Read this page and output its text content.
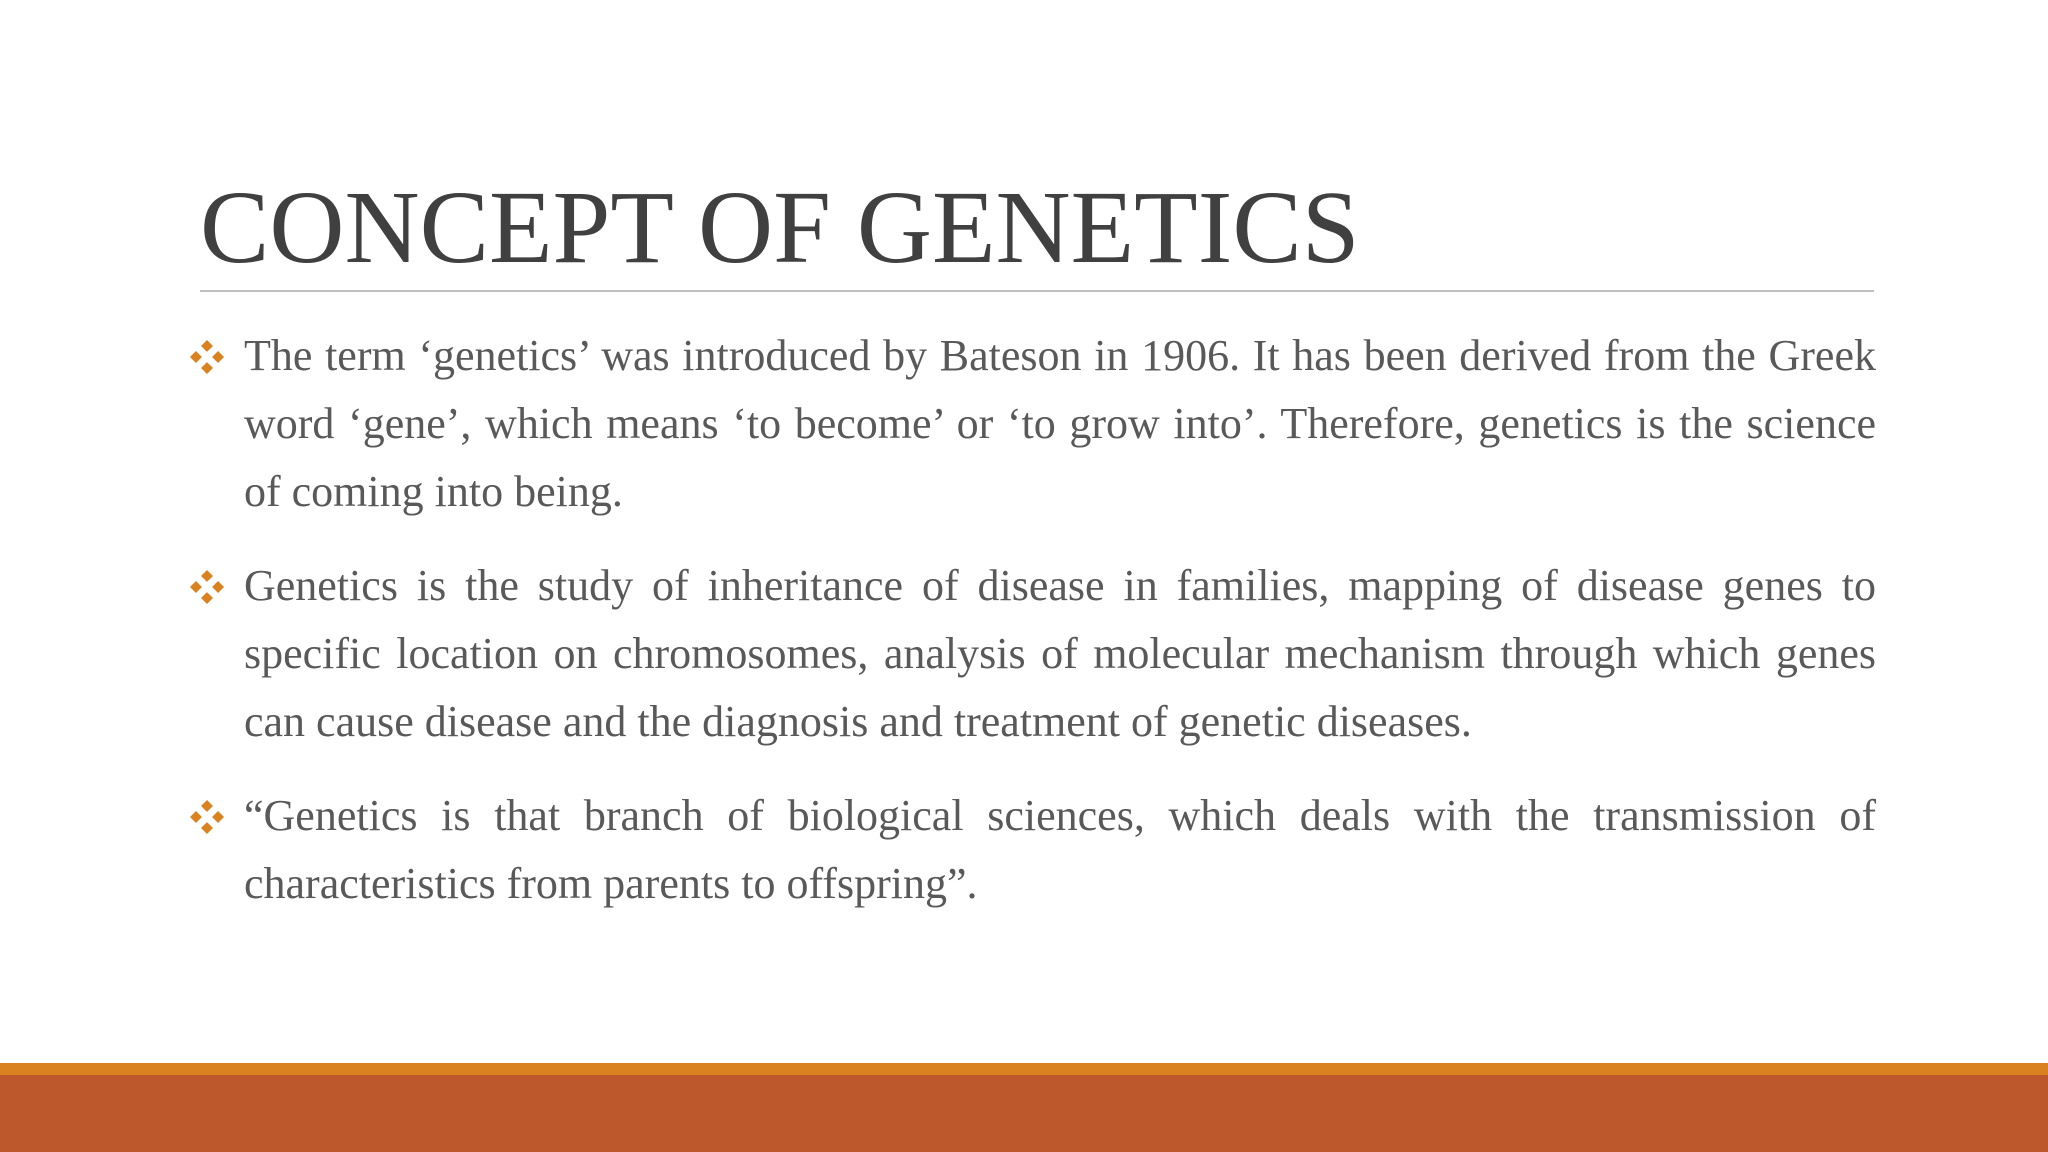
CONCEPT OF GENETICS
The term ‘genetics’ was introduced by Bateson in 1906. It has been derived from the Greek word ‘gene’, which means ‘to become’ or ‘to grow into’. Therefore, genetics is the science of coming into being.
Genetics is the study of inheritance of disease in families, mapping of disease genes to specific location on chromosomes, analysis of molecular mechanism through which genes can cause disease and the diagnosis and treatment of genetic diseases.
“Genetics is that branch of biological sciences, which deals with the transmission of characteristics from parents to offspring”.
